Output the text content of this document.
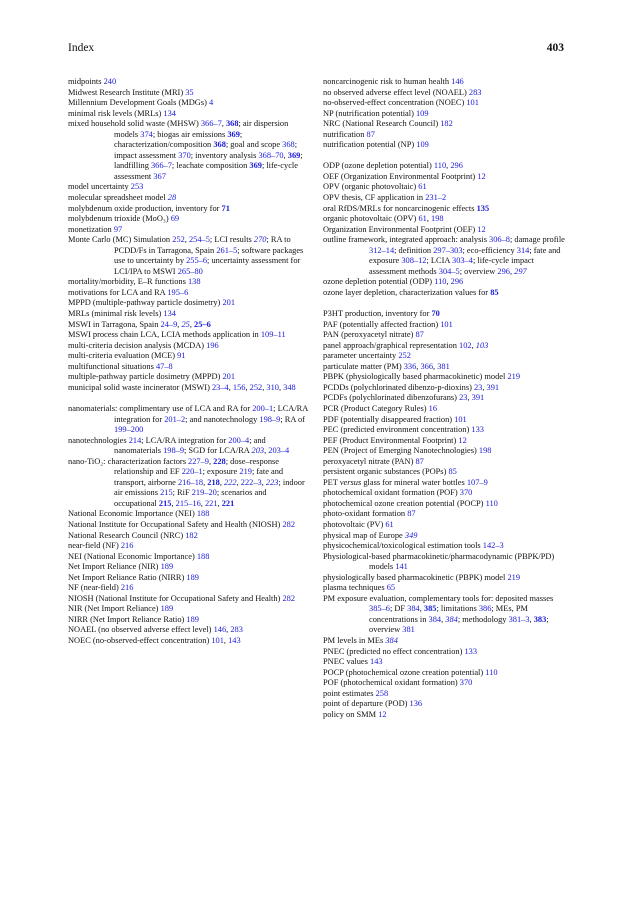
Index	403
midpoints 240
Midwest Research Institute (MRI) 35
Millennium Development Goals (MDGs) 4
minimal risk levels (MRLs) 134
mixed household solid waste (MHSW) 366–7, 368; air dispersion models 374; biogas air emissions 369; characterization/composition 368; goal and scope 368; impact assessment 370; inventory analysis 368–70, 369; landfilling 366–7; leachate composition 369; life-cycle assessment 367
model uncertainty 253
molecular spreadsheet model 28
molybdenum oxide production, inventory for 71
molybdenum trioxide (MoO₃) 69
monetization 97
Monte Carlo (MC) Simulation 252, 254–5; LCI results 270; RA to PCDD/Fs in Tarragona, Spain 261–5; software packages use to uncertainty by 255–6; uncertainty assessment for LCI/IPA to MSWI 265–80
mortality/morbidity, E–R functions 138
motivations for LCA and RA 195–6
MPPD (multiple-pathway particle dosimetry) 201
MRLs (minimal risk levels) 134
MSWI in Tarragona, Spain 24–9, 25, 25–6
MSWI process chain LCA, LCIA methods application in 109–11
multi-criteria decision analysis (MCDA) 196
multi-criteria evaluation (MCE) 91
multifunctional situations 47–8
multiple-pathway particle dosimetry (MPPD) 201
municipal solid waste incinerator (MSWI) 23–4, 156, 252, 310, 348
nanomaterials: complimentary use of LCA and RA for 200–1; LCA/RA integration for 201–2; and nanotechnology 198–9; RA of 199–200
nanotechnologies 214; LCA/RA integration for 200–4; and nanomaterials 198–9; SGD for LCA/RA 203, 203–4
nano-TiO₂: characterization factors 227–9, 228; dose–response relationship and EF 220–1; exposure 219; fate and transport, airborne 216–18, 218, 222, 222–3, 223; indoor air emissions 215; RiF 219–20; scenarios and occupational 215, 215–16, 221, 221
National Economic Importance (NEI) 188
National Institute for Occupational Safety and Health (NIOSH) 282
National Research Council (NRC) 182
near-field (NF) 216
NEI (National Economic Importance) 188
Net Import Reliance (NIR) 189
Net Import Reliance Ratio (NIRR) 189
NF (near-field) 216
NIOSH (National Institute for Occupational Safety and Health) 282
NIR (Net Import Reliance) 189
NIRR (Net Import Reliance Ratio) 189
NOAEL (no observed adverse effect level) 146, 283
NOEC (no-observed-effect concentration) 101, 143
noncarcinogenic risk to human health 146
no observed adverse effect level (NOAEL) 283
no-observed-effect concentration (NOEC) 101
NP (nutrification potential) 109
NRC (National Research Council) 182
nutrification 87
nutrification potential (NP) 109
ODP (ozone depletion potential) 110, 296
OEF (Organization Environmental Footprint) 12
OPV (organic photovoltaic) 61
OPV thesis, CF application in 231–2
oral RfDS/MRLs for noncarcinogenic effects 135
organic photovoltaic (OPV) 61, 198
Organization Environmental Footprint (OEF) 12
outline framework, integrated approach: analysis 306–8; damage profile 312–14; definition 297–303; eco-efficiency 314; fate and exposure 308–12; LCIA 303–4; life-cycle impact assessment methods 304–5; overview 296, 297
ozone depletion potential (ODP) 110, 296
ozone layer depletion, characterization values for 85
P3HT production, inventory for 70
PAF (potentially affected fraction) 101
PAN (peroxyacetyl nitrate) 87
panel approach/graphical representation 102, 103
parameter uncertainty 252
particulate matter (PM) 336, 366, 381
PBPK (physiologically based pharmacokinetic) model 219
PCDDs (polychlorinated dibenzo-p-dioxins) 23, 391
PCDFs (polychlorinated dibenzofurans) 23, 391
PCR (Product Category Rules) 16
PDF (potentially disappeared fraction) 101
PEC (predicted environment concentration) 133
PEF (Product Environmental Footprint) 12
PEN (Project of Emerging Nanotechnologies) 198
peroxyacetyl nitrate (PAN) 87
persistent organic substances (POPs) 85
PET versus glass for mineral water bottles 107–9
photochemical oxidant formation (POF) 370
photochemical ozone creation potential (POCP) 110
photo-oxidant formation 87
photovoltaic (PV) 61
physical map of Europe 349
physicochemical/toxicological estimation tools 142–3
Physiological-based pharmacokinetic/pharmacodynamic (PBPK/PD) models 141
physiologically based pharmacokinetic (PBPK) model 219
plasma techniques 65
PM exposure evaluation, complementary tools for: deposited masses 385–6; DF 384, 385; limitations 386; MEs, PM concentrations in 384, 384; methodology 381–3, 383; overview 381
PM levels in MEs 384
PNEC (predicted no effect concentration) 133
PNEC values 143
POCP (photochemical ozone creation potential) 110
POF (photochemical oxidant formation) 370
point estimates 258
point of departure (POD) 136
policy on SMM 12
